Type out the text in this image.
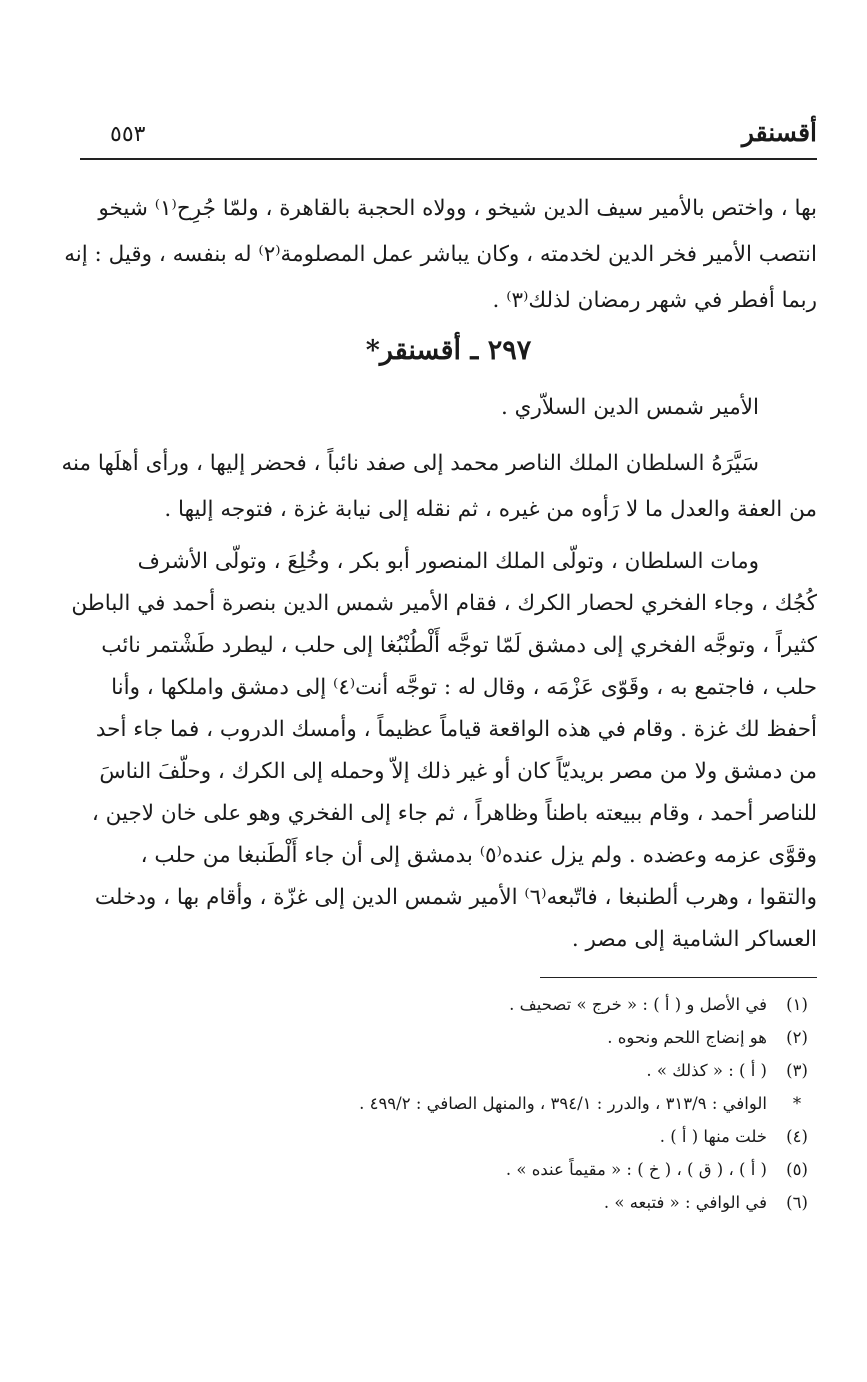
أقسنقر
٥٥٣
بها ، واختص بالأمير سيف الدين شيخو ، وولاه الحجبة بالقاهرة ، ولمّا جُرِح⁽١⁾ شيخو
انتصب الأمير فخر الدين لخدمته ، وكان يباشر عمل المصلومة⁽٢⁾ له بنفسه ، وقيل : إنه
ربما أفطر في شهر رمضان لذلك⁽٣⁾ .
٢٩٧ ـ أقسنقر*
الأمير شمس الدين السلاّري .
سَيَّرَهُ السلطان الملك الناصر محمد إلى صفد نائباً ، فحضر إليها ، ورأى أهلَها منه
من العفة والعدل ما لا رَأوه من غيره ، ثم نقله إلى نيابة غزة ، فتوجه إليها .
ومات السلطان ، وتولّى الملك المنصور أبو بكر ، وخُلِعَ ، وتولّى الأشرف
كُجُك ، وجاء الفخري لحصار الكرك ، فقام الأمير شمس الدين بنصرة أحمد في الباطن
كثيراً ، وتوجَّه الفخري إلى دمشق لَمّا توجَّه أَلْطُنْبُغا إلى حلب ، ليطرد طَشْتمر نائب
حلب ، فاجتمع به ، وقَوّى عَزْمَه ، وقال له : توجَّه أنت⁽٤⁾ إلى دمشق واملكها ، وأنا
أحفظ لك غزة . وقام في هذه الواقعة قياماً عظيماً ، وأمسك الدروب ، فما جاء أحد
من دمشق ولا من مصر بريديّاً كان أو غير ذلك إلاّ وحمله إلى الكرك ، وحلّفَ الناسَ
للناصر أحمد ، وقام ببيعته باطناً وظاهراً ، ثم جاء إلى الفخري وهو على خان لاجين ،
وقوَّى عزمه وعضده . ولم يزل عنده⁽٥⁾ بدمشق إلى أن جاء أَلْطَنبغا من حلب ،
والتقوا ، وهرب ألطنبغا ، فاتّبعه⁽٦⁾ الأمير شمس الدين إلى غزّة ، وأقام بها ، ودخلت
العساكر الشامية إلى مصر .
(١)في الأصل و ( أ ) : « خرج » تصحيف .
(٢)هو إنضاج اللحم ونحوه .
(٣)( أ ) : « كذلك » .
*الوافي : ٣١٣/٩ ، والدرر : ٣٩٤/١ ، والمنهل الصافي : ٤٩٩/٢ .
(٤)خلت منها ( أ ) .
(٥)( أ ) ، ( ق ) ، ( خ ) : « مقيماً عنده » .
(٦)في الوافي : « فتبعه » .
